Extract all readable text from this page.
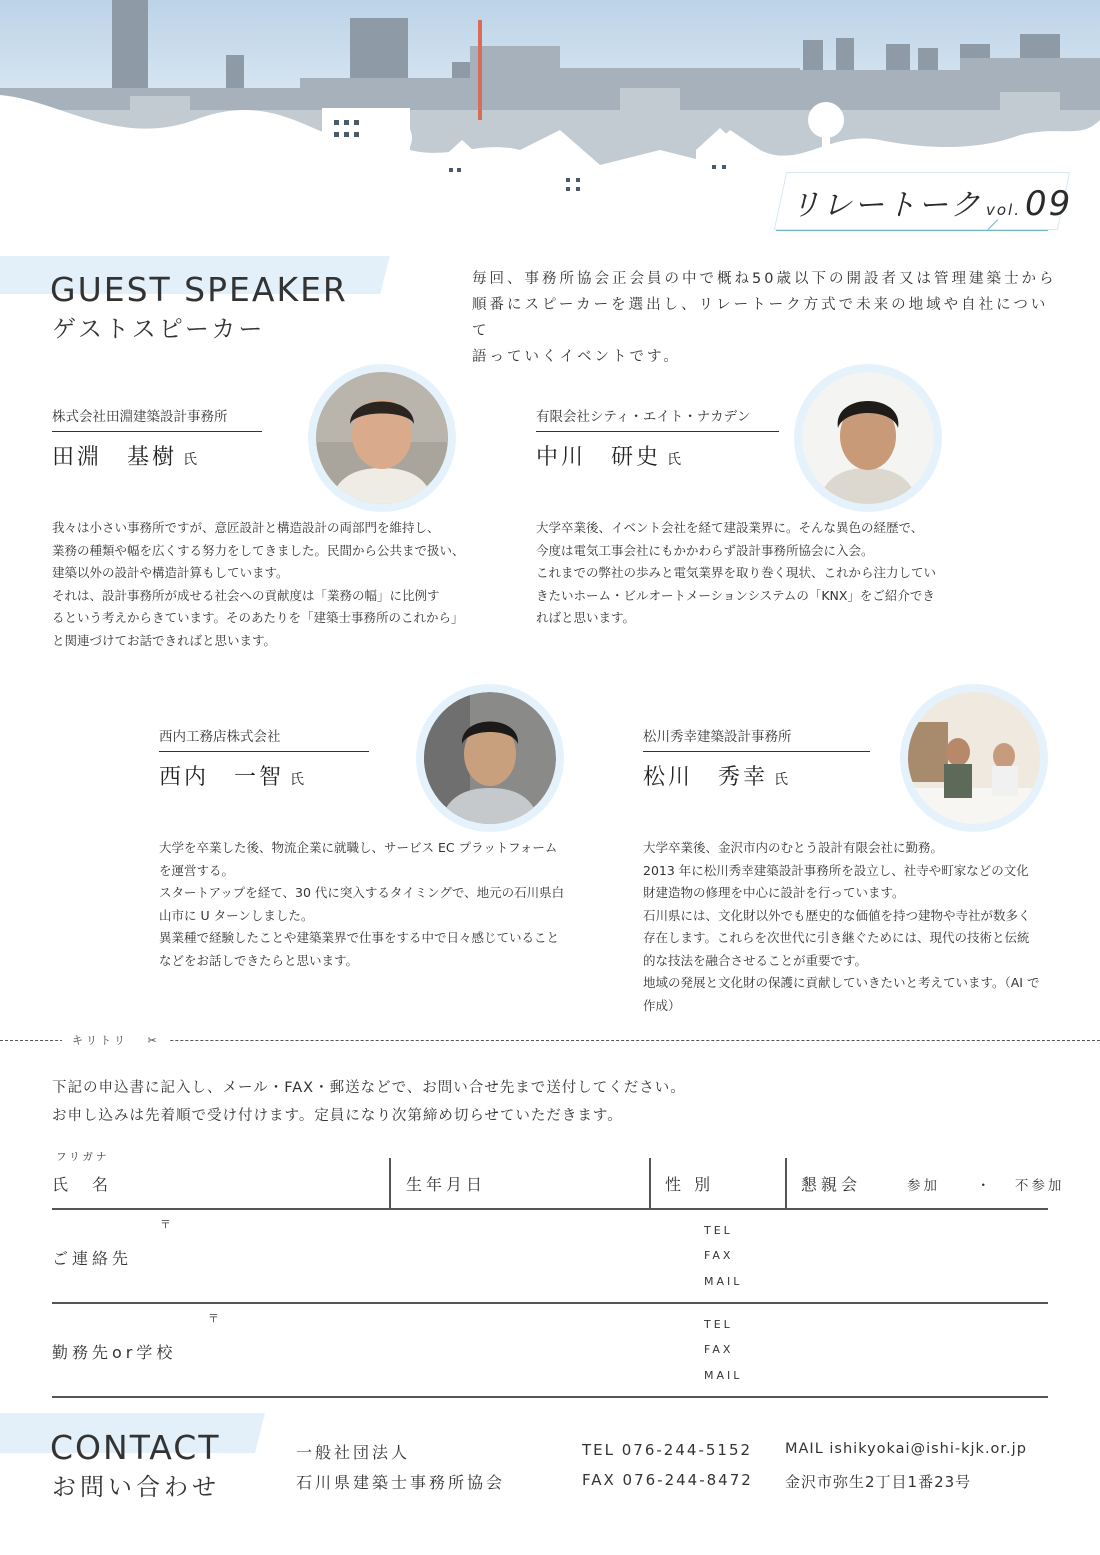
リレートーク vol. 09
GUEST SPEAKER
ゲストスピーカー
毎回、事務所協会正会員の中で概ね50歳以下の開設者又は管理建築士から
順番にスピーカーを選出し、リレートーク方式で未来の地域や自社について
語っていくイベントです。
株式会社田淵建築設計事務所
田淵　基樹 氏
我々は小さい事務所ですが、意匠設計と構造設計の両部門を維持し、
業務の種類や幅を広くする努力をしてきました。民間から公共まで扱い、
建築以外の設計や構造計算もしています。
それは、設計事務所が成せる社会への貢献度は「業務の幅」に比例す
るという考えからきています。そのあたりを「建築士事務所のこれから」
と関連づけてお話できればと思います。
有限会社シティ・エイト・ナカデン
中川　研史 氏
大学卒業後、イベント会社を経て建設業界に。そんな異色の経歴で、
今度は電気工事会社にもかかわらず設計事務所協会に入会。
これまでの弊社の歩みと電気業界を取り巻く現状、これから注力してい
きたいホーム・ビルオートメーションシステムの「KNX」をご紹介でき
ればと思います。
西内工務店株式会社
西内　一智 氏
大学を卒業した後、物流企業に就職し、サービス EC プラットフォーム
を運営する。
スタートアップを経て、30 代に突入するタイミングで、地元の石川県白
山市に U ターンしました。
異業種で経験したことや建築業界で仕事をする中で日々感じていること
などをお話しできたらと思います。
松川秀幸建築設計事務所
松川　秀幸 氏
大学卒業後、金沢市内のむとう設計有限会社に勤務。
2013 年に松川秀幸建築設計事務所を設立し、社寺や町家などの文化
財建造物の修理を中心に設計を行っています。
石川県には、文化財以外でも歴史的な価値を持つ建物や寺社が数多く
存在します。これらを次世代に引き継ぐためには、現代の技術と伝統
的な技法を融合させることが重要です。
地域の発展と文化財の保護に貢献していきたいと考えています。（AI で
作成）
キリトリ ✂
下記の申込書に記入し、メール・FAX・郵送などで、お問い合せ先まで送付してください。
お申し込みは先着順で受け付けます。定員になり次第締め切らせていただきます。
フリガナ
氏　名	生年月日	性 別	懇親会	参加	・ 不参加
〒
ご連絡先
TEL
FAX
MAIL
〒
勤務先or学校
TEL
FAX
MAIL
CONTACT
お問い合わせ
一般社団法人
石川県建築士事務所協会
TEL 076-244-5152
FAX 076-244-8472
MAIL ishikyokai@ishi-kjk.or.jp
金沢市弥生2丁目1番23号
